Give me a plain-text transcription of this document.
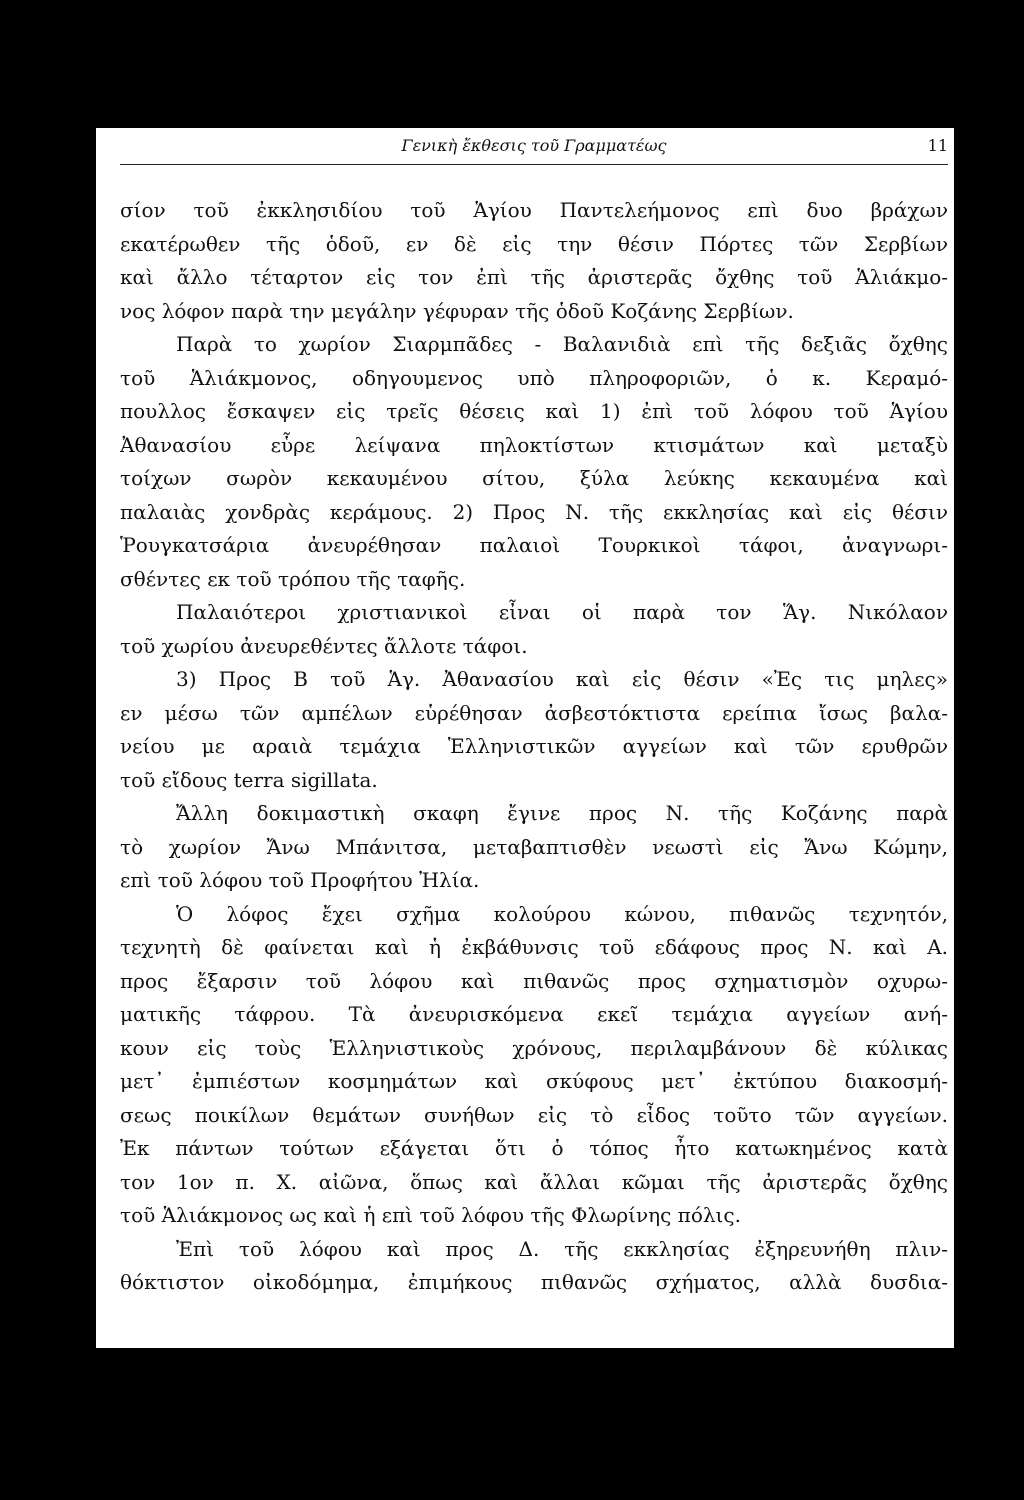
Γενικὴ ἔκθεσις τοῦ Γραμματέως	11
σίον τοῦ ἐκκλησιδίου τοῦ Ἁγίου Παντελεήμονος επὶ δυο βράχων
εκατέρωθεν τῆς ὁδοῦ, εν δὲ εἰς την θέσιν Πόρτες τῶν Σερβίων
καὶ ἄλλο τέταρτον εἰς τον ἐπὶ τῆς ἀριστερᾶς ὄχθης τοῦ Ἁλιάκμο-
νος λόφον παρὰ την μεγάλην γέφυραν τῆς ὁδοῦ Κοζάνης Σερβίων.
Παρὰ το χωρίον Σιαρμπᾶδες - Βαλανιδιὰ επὶ τῆς δεξιᾶς ὄχθης
τοῦ Ἁλιάκμονος, οδηγουμενος υπὸ πληροφοριῶν, ὁ κ. Κεραμό-
πουλλος ἔσκαψεν εἰς τρεῖς θέσεις καὶ 1) ἐπὶ τοῦ λόφου τοῦ Ἁγίου
Ἀθανασίου εὗρε λείψανα πηλοκτίστων κτισμάτων καὶ μεταξὺ
τοίχων σωρὸν κεκαυμένου σίτου, ξύλα λεύκης κεκαυμένα καὶ
παλαιὰς χονδρὰς κεράμους. 2) Προς Ν. τῆς εκκλησίας καὶ εἰς θέσιν
Ῥουγκατσάρια ἀνευρέθησαν παλαιοὶ Τουρκικοὶ τάφοι, ἀναγνωρι-
σθέντες εκ τοῦ τρόπου τῆς ταφῆς.
Παλαιότεροι χριστιανικοὶ εἶναι οἱ παρὰ τον Ἅγ. Νικόλαον
τοῦ χωρίου ἀνευρεθέντες ἄλλοτε τάφοι.
3) Προς Β τοῦ Ἁγ. Ἀθανασίου καὶ εἰς θέσιν «Ἐς τις μηλες»
εν μέσω τῶν αμπέλων εὑρέθησαν ἀσβεστόκτιστα ερείπια ἴσως βαλα-
νείου με αραιὰ τεμάχια Ἑλληνιστικῶν αγγείων καὶ τῶν ερυθρῶν
τοῦ εἴδους terra sigillata.
Ἄλλη δοκιμαστικὴ σκαφη ἔγινε προς Ν. τῆς Κοζάνης παρὰ
τὸ χωρίον Ἄνω Μπάνιτσα, μεταβαπτισθὲν νεωστὶ εἰς Ἄνω Κώμην,
επὶ τοῦ λόφου τοῦ Προφήτου Ἠλία.
Ὁ λόφος ἔχει σχῆμα κολούρου κώνου, πιθανῶς τεχνητόν,
τεχνητὴ δὲ φαίνεται καὶ ἡ ἐκβάθυνσις τοῦ εδάφους προς Ν. καὶ Α.
προς ἔξαρσιν τοῦ λόφου καὶ πιθανῶς προς σχηματισμὸν οχυρω-
ματικῆς τάφρου. Τὰ ἀνευρισκόμενα εκεῖ τεμάχια αγγείων ανή-
κουν εἰς τοὺς Ἑλληνιστικοὺς χρόνους, περιλαμβάνουν δὲ κύλικας
μετ᾽ ἐμπιέστων κοσμημάτων καὶ σκύφους μετ᾽ ἐκτύπου διακοσμή-
σεως ποικίλων θεμάτων συνήθων εἰς τὸ εἶδος τοῦτο τῶν αγγείων.
Ἐκ πάντων τούτων εξάγεται ὅτι ὁ τόπος ἦτο κατωκημένος κατὰ
τον 1ον π. Χ. αἰῶνα, ὅπως καὶ ἄλλαι κῶμαι τῆς ἀριστερᾶς ὄχθης
τοῦ Ἁλιάκμονος ως καὶ ἡ επὶ τοῦ λόφου τῆς Φλωρίνης πόλις.
Ἐπὶ τοῦ λόφου καὶ προς Δ. τῆς εκκλησίας ἐξηρευνήθη πλιν-
θόκτιστον οἰκοδόμημα, ἐπιμήκους πιθανῶς σχήματος, αλλὰ δυσδια-
